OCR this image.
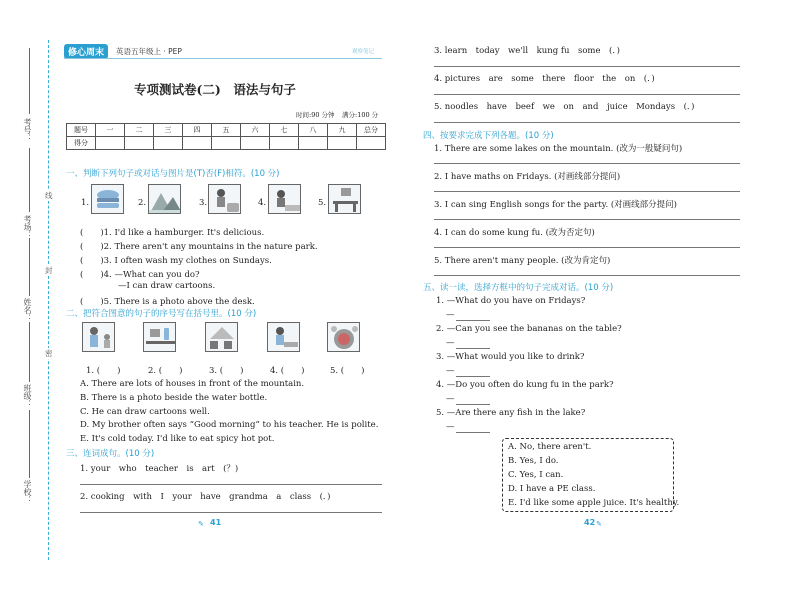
考号：
考场：
姓名：
班级：
学校：
线
封
密
修心周末	英语五年级上 · PEP	观察笔记
专项测试卷(二)　语法与句子
时间:90 分钟 满分:100 分
题号	一	二	三	四	五	六	七	八	九	总分
得分										
一、判断下列句子或对话与图片是(T)否(F)相符。(10 分)
1.	2.	3.	4.	5.
(　　)1. I'd like a hamburger. It's delicious.
(　　)2. There aren't any mountains in the nature park.
(　　)3. I often wash my clothes on Sundays.
(　　)4. —What can you do?
—I can draw cartoons.
(　　)5. There is a photo above the desk.
二、把符合图意的句子的序号写在括号里。(10 分)
1. (　　)	2. (　　)	3. (　　)	4. (　　)	5. (　　)
A. There are lots of houses in front of the mountain.
B. There is a photo beside the water bottle.
C. He can draw cartoons well.
D. My brother often says “Good morning” to his teacher. He is polite.
E. It's cold today. I'd like to eat spicy hot pot.
三、连词成句。(10 分)
1. your　who　teacher　is　art　(？)
2. cooking　with　I　your　have　grandma　a　class　(．)
41
✎
3. learn　today　we'll　kung fu　some　(．)
4. pictures　are　some　there　floor　the　on　(．)
5. noodles　have　beef　we　on　and　juice　Mondays　(．)
四、按要求完成下列各题。(10 分)
1. There are some lakes on the mountain. (改为一般疑问句)
2. I have maths on Fridays. (对画线部分提问)
3. I can sing English songs for the party. (对画线部分提问)
4. I can do some kung fu. (改为否定句)
5. There aren't many people. (改为肯定句)
五、读一读，选择方框中的句子完成对话。(10 分)
1. —What do you have on Fridays?
—
2. —Can you see the bananas on the table?
—
3. —What would you like to drink?
—
4. —Do you often do kung fu in the park?
—
5. —Are there any fish in the lake?
—
A. No, there aren't.
B. Yes, I do.
C. Yes, I can.
D. I have a PE class.
E. I'd like some apple juice. It's healthy.
42 ✎
